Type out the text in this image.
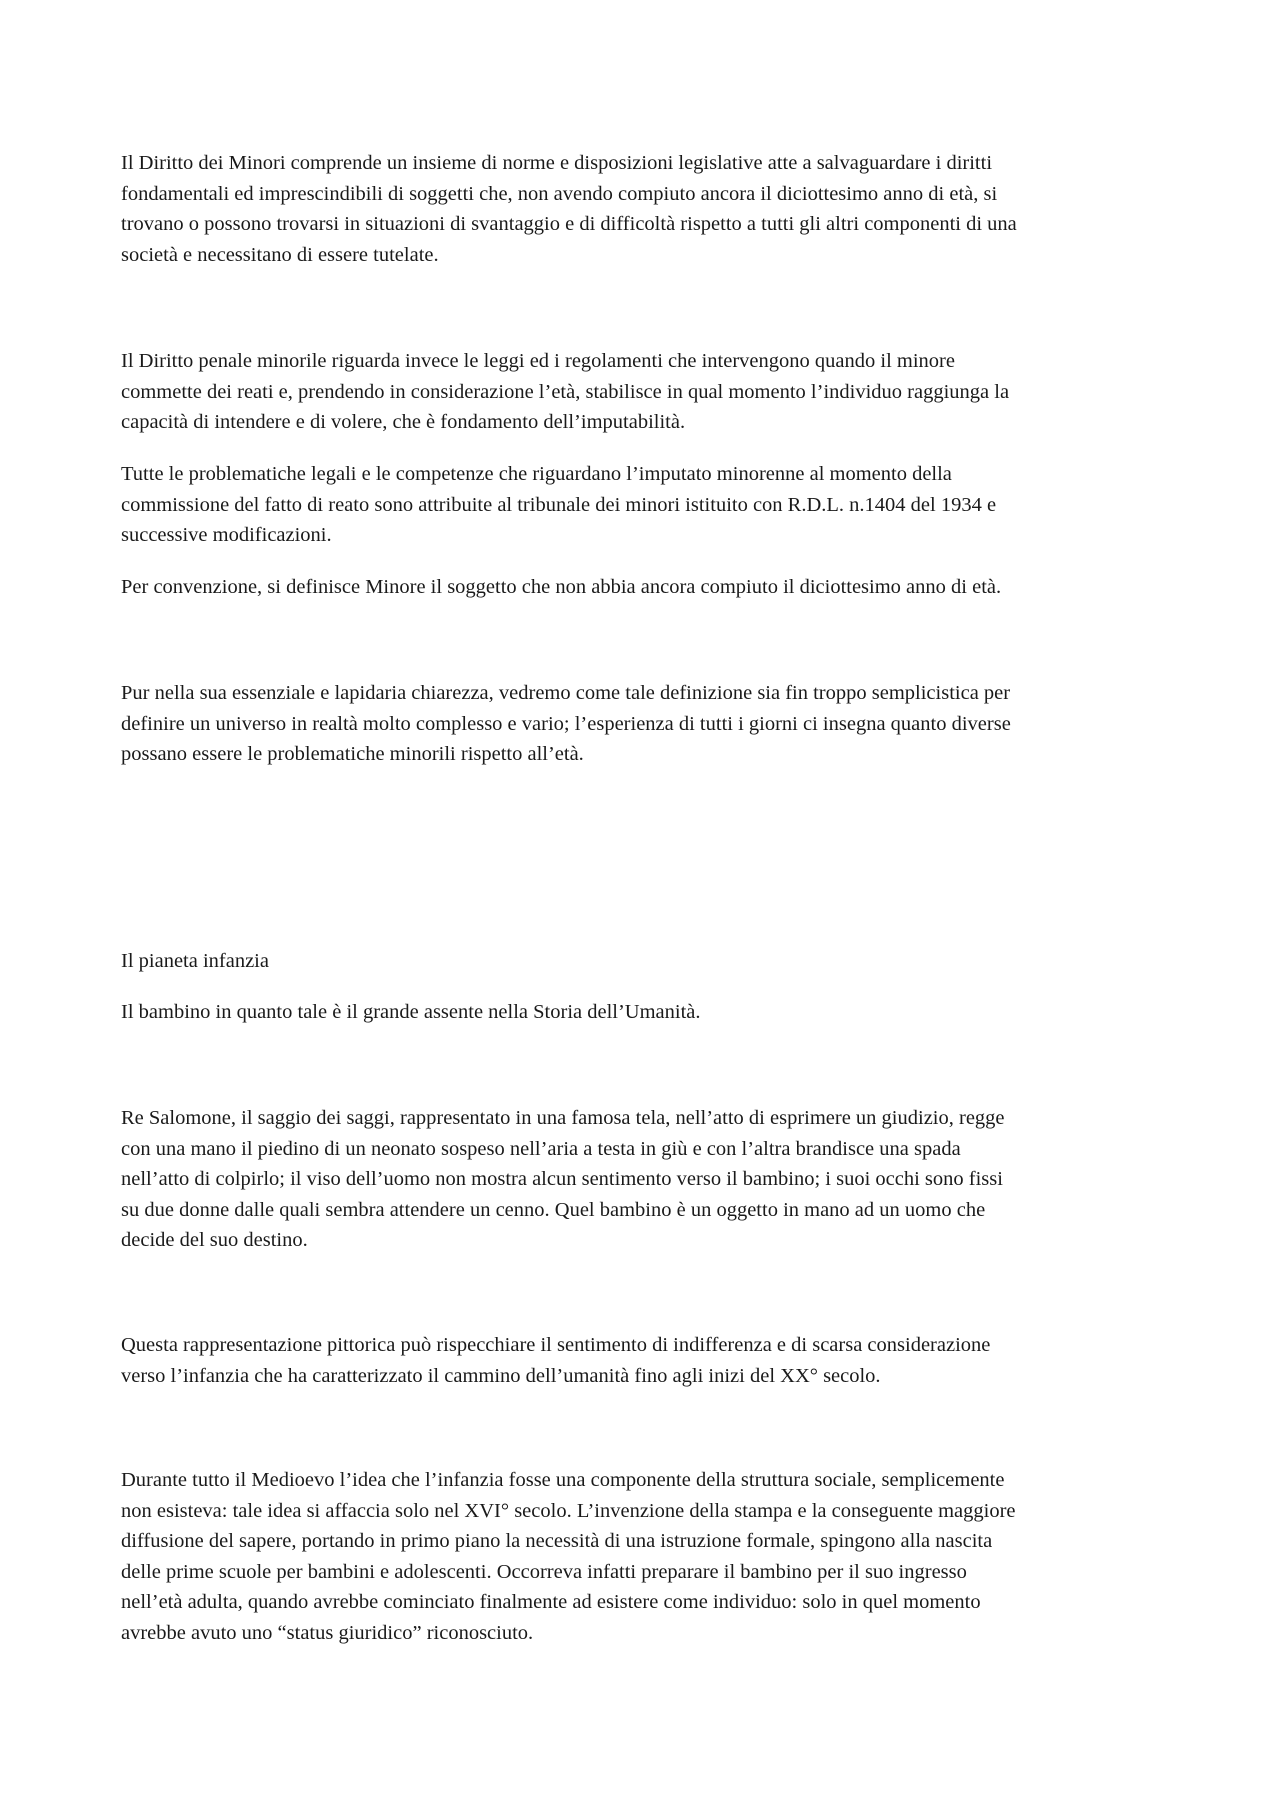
Il Diritto dei Minori comprende un insieme di norme e disposizioni legislative atte a salvaguardare i diritti
fondamentali ed imprescindibili di soggetti che, non avendo compiuto ancora il diciottesimo anno di età, si
trovano o possono trovarsi in situazioni di svantaggio e di difficoltà rispetto a tutti gli altri componenti di una
società e necessitano di essere tutelate.

Il Diritto penale minorile riguarda invece le leggi ed i regolamenti che intervengono quando il minore
commette dei reati e, prendendo in considerazione l’età, stabilisce in qual momento l’individuo raggiunga la
capacità di intendere e di volere, che è fondamento dell’imputabilità.

Tutte le problematiche legali e le competenze che riguardano l’imputato minorenne al momento della
commissione del fatto di reato sono attribuite al tribunale dei minori istituito con R.D.L. n.1404 del 1934 e
successive modificazioni.

Per convenzione, si definisce Minore il soggetto che non abbia ancora compiuto il diciottesimo anno di età.

Pur nella sua essenziale e lapidaria chiarezza, vedremo come tale definizione sia fin troppo semplicistica per
definire un universo in realtà molto complesso e vario; l’esperienza di tutti i giorni ci insegna quanto diverse
possano essere le problematiche minorili rispetto all’età.

Il pianeta infanzia

Il bambino in quanto tale è il grande assente nella Storia dell’Umanità.

Re Salomone, il saggio dei saggi, rappresentato in una famosa tela, nell’atto di esprimere un giudizio, regge
con una mano il piedino di un neonato sospeso nell’aria a testa in giù e con l’altra brandisce una spada
nell’atto di colpirlo; il viso dell’uomo non mostra alcun sentimento verso il bambino; i suoi occhi sono fissi
su due donne dalle quali sembra attendere un cenno. Quel bambino è un oggetto in mano ad un uomo che
decide del suo destino.

Questa rappresentazione pittorica può rispecchiare il sentimento di indifferenza e di scarsa considerazione
verso l’infanzia che ha caratterizzato il cammino dell’umanità fino agli inizi del XX° secolo.

Durante tutto il Medioevo l’idea che l’infanzia fosse una componente della struttura sociale, semplicemente
non esisteva: tale idea si affaccia solo nel XVI° secolo. L’invenzione della stampa e la conseguente maggiore
diffusione del sapere, portando in primo piano la necessità di una istruzione formale, spingono alla nascita
delle prime scuole per bambini e adolescenti. Occorreva infatti preparare il bambino per il suo ingresso
nell’età adulta, quando avrebbe cominciato finalmente ad esistere come individuo: solo in quel momento
avrebbe avuto uno “status giuridico” riconosciuto.
